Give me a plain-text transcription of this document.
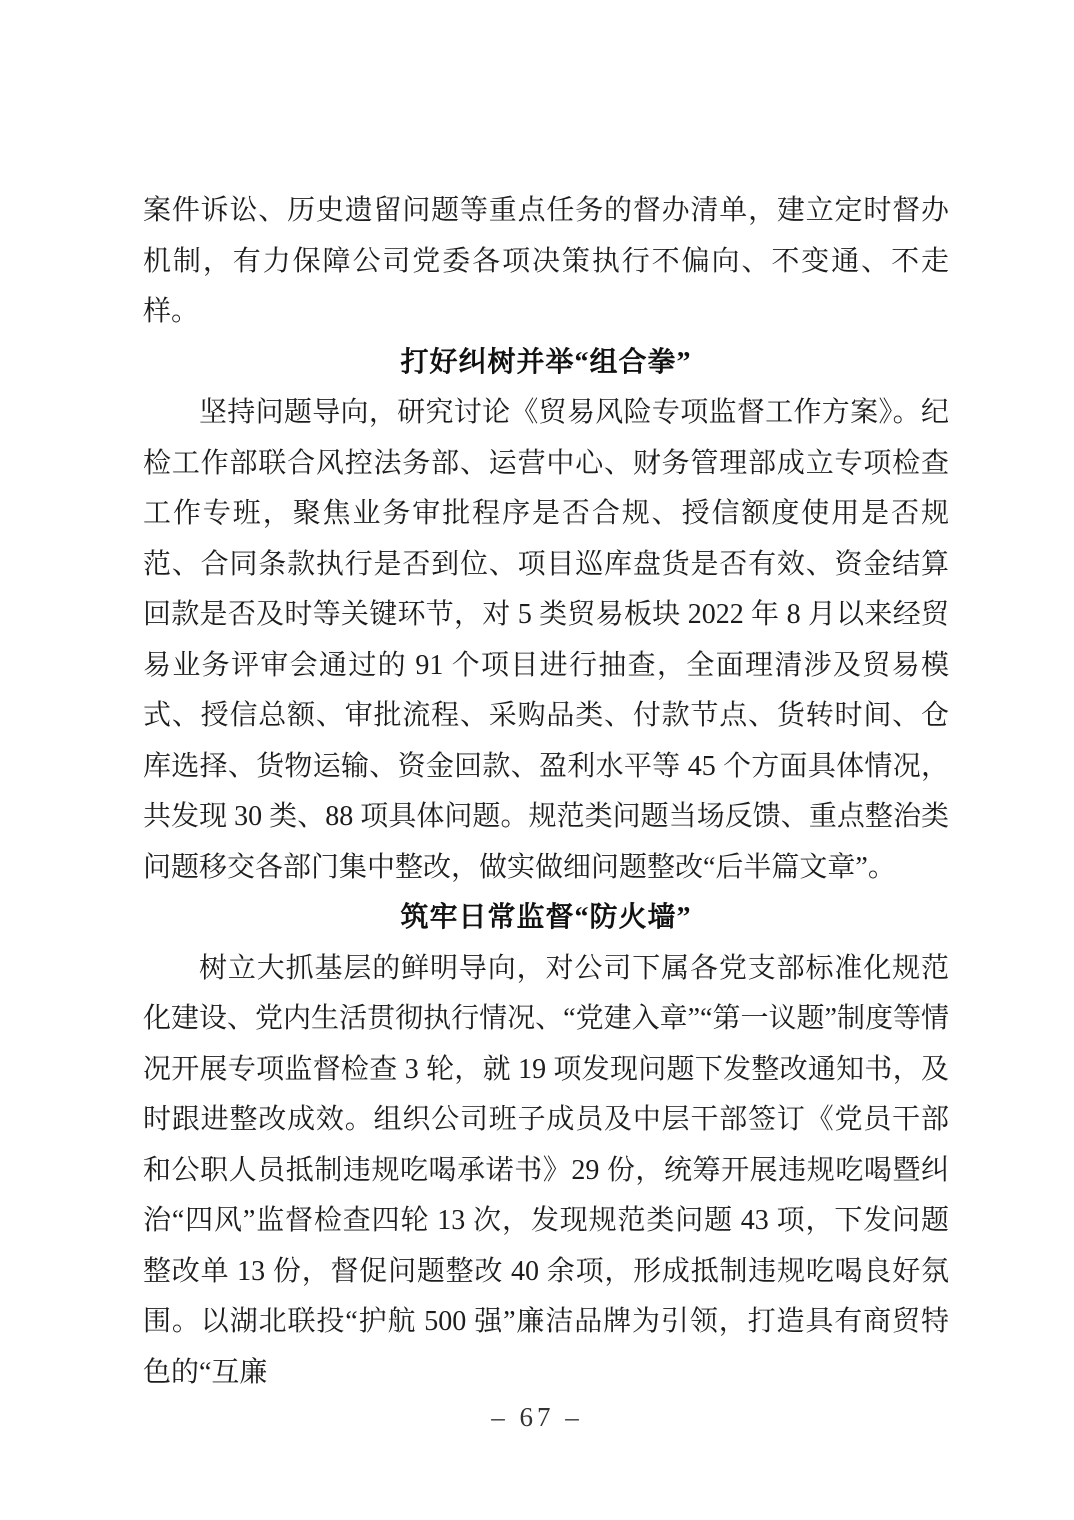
案件诉讼、历史遗留问题等重点任务的督办清单，建立定时督办机制，有力保障公司党委各项决策执行不偏向、不变通、不走样。

打好纠树并举“组合拳”

坚持问题导向，研究讨论《贸易风险专项监督工作方案》。纪检工作部联合风控法务部、运营中心、财务管理部成立专项检查工作专班，聚焦业务审批程序是否合规、授信额度使用是否规范、合同条款执行是否到位、项目巡库盘货是否有效、资金结算回款是否及时等关键环节，对 5 类贸易板块 2022 年 8 月以来经贸易业务评审会通过的 91 个项目进行抽查，全面理清涉及贸易模式、授信总额、审批流程、采购品类、付款节点、货转时间、仓库选择、货物运输、资金回款、盈利水平等 45 个方面具体情况，共发现 30 类、88 项具体问题。规范类问题当场反馈、重点整治类问题移交各部门集中整改，做实做细问题整改“后半篇文章”。

筑牢日常监督“防火墙”

树立大抓基层的鲜明导向，对公司下属各党支部标准化规范化建设、党内生活贯彻执行情况、“党建入章”“第一议题”制度等情况开展专项监督检查 3 轮，就 19 项发现问题下发整改通知书，及时跟进整改成效。组织公司班子成员及中层干部签订《党员干部和公职人员抵制违规吃喝承诺书》29 份，统筹开展违规吃喝暨纠治“四风”监督检查四轮 13 次，发现规范类问题 43 项，下发问题整改单 13 份，督促问题整改 40 余项，形成抵制违规吃喝良好氛围。以湖北联投“护航 500 强”廉洁品牌为引领，打造具有商贸特色的“互廉

– 67 –
